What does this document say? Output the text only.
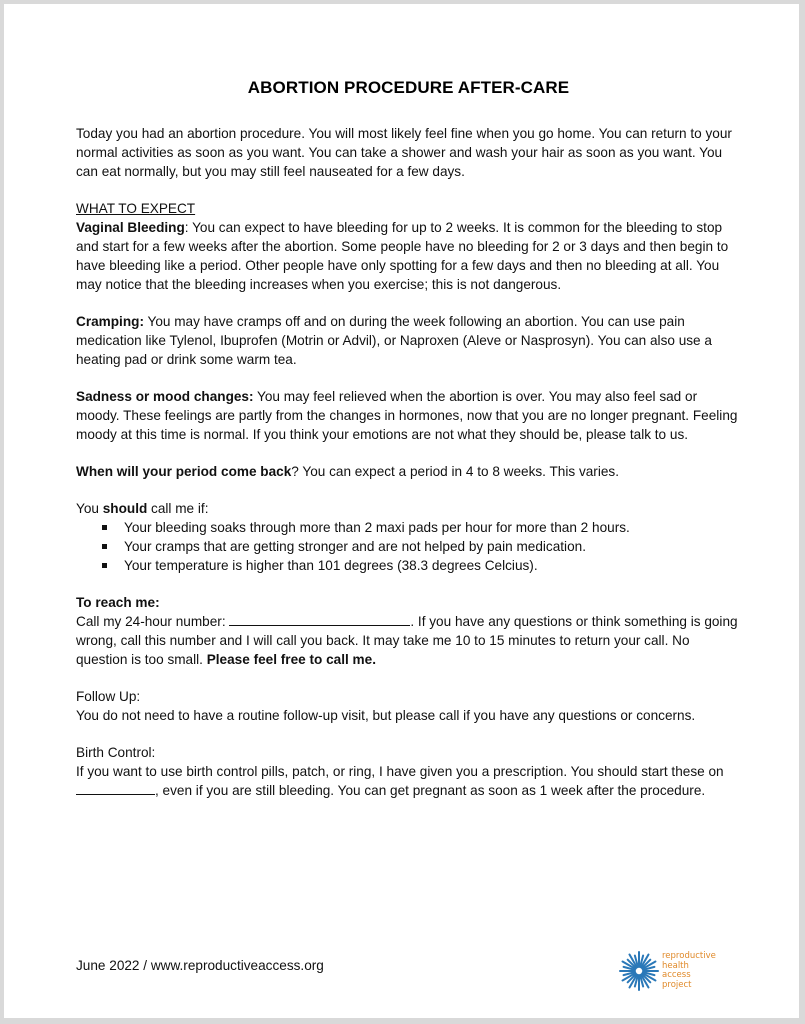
ABORTION PROCEDURE AFTER-CARE

Today you had an abortion procedure. You will most likely feel fine when you go home. You can return to your normal activities as soon as you want. You can take a shower and wash your hair as soon as you want. You can eat normally, but you may still feel nauseated for a few days.

WHAT TO EXPECT

Vaginal Bleeding: You can expect to have bleeding for up to 2 weeks. It is common for the bleeding to stop and start for a few weeks after the abortion. Some people have no bleeding for 2 or 3 days and then begin to have bleeding like a period. Other people have only spotting for a few days and then no bleeding at all. You may notice that the bleeding increases when you exercise; this is not dangerous.

Cramping: You may have cramps off and on during the week following an abortion. You can use pain medication like Tylenol, Ibuprofen (Motrin or Advil), or Naproxen (Aleve or Nasprosyn). You can also use a heating pad or drink some warm tea.

Sadness or mood changes: You may feel relieved when the abortion is over. You may also feel sad or moody. These feelings are partly from the changes in hormones, now that you are no longer pregnant. Feeling moody at this time is normal. If you think your emotions are not what they should be, please talk to us.

When will your period come back? You can expect a period in 4 to 8 weeks. This varies.

You should call me if:

Your bleeding soaks through more than 2 maxi pads per hour for more than 2 hours.
Your cramps that are getting stronger and are not helped by pain medication.
Your temperature is higher than 101 degrees (38.3 degrees Celcius).

To reach me:

Call my 24-hour number:	. If you have any questions or think something is going wrong, call this number and I will call you back. It may take me 10 to 15 minutes to return your call. No question is too small. Please feel free to call me.

Follow Up:

You do not need to have a routine follow-up visit, but please call if you have any questions or concerns.

Birth Control:

If you want to use birth control pills, patch, or ring, I have given you a prescription. You should start these on , even if you are still bleeding. You can get pregnant as soon as 1 week after the procedure.

June 2022 / www.reproductiveaccess.org
reproductive
health
access
project
